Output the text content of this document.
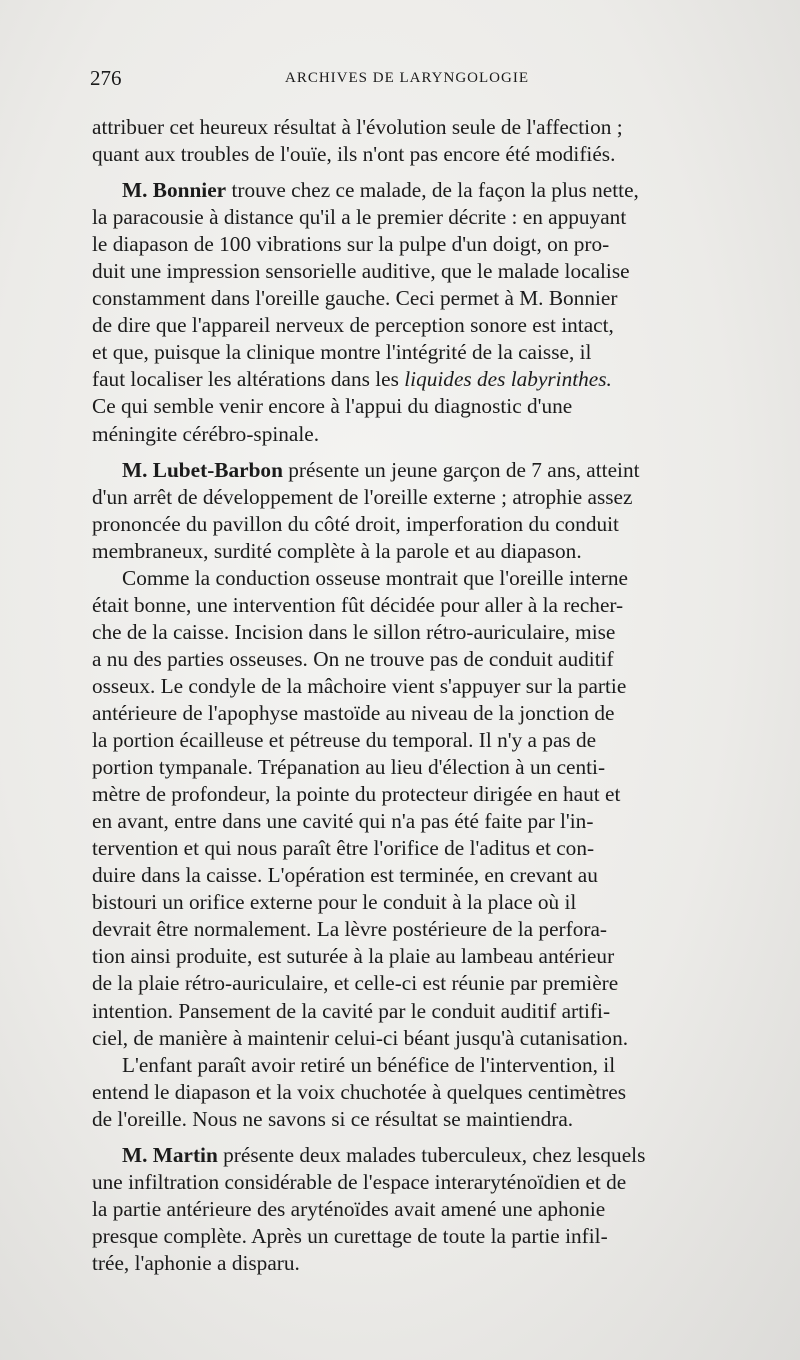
276	ARCHIVES DE LARYNGOLOGIE
attribuer cet heureux résultat à l'évolution seule de l'affection ;
quant aux troubles de l'ouïe, ils n'ont pas encore été modifiés.
M. Bonnier trouve chez ce malade, de la façon la plus nette,
la paracousie à distance qu'il a le premier décrite : en appuyant
le diapason de 100 vibrations sur la pulpe d'un doigt, on pro-
duit une impression sensorielle auditive, que le malade localise
constamment dans l'oreille gauche. Ceci permet à M. Bonnier
de dire que l'appareil nerveux de perception sonore est intact,
et que, puisque la clinique montre l'intégrité de la caisse, il
faut localiser les altérations dans les liquides des labyrinthes.
Ce qui semble venir encore à l'appui du diagnostic d'une
méningite cérébro-spinale.
M. Lubet-Barbon présente un jeune garçon de 7 ans, atteint
d'un arrêt de développement de l'oreille externe ; atrophie assez
prononcée du pavillon du côté droit, imperforation du conduit
membraneux, surdité complète à la parole et au diapason.
Comme la conduction osseuse montrait que l'oreille interne
était bonne, une intervention fût décidée pour aller à la recher-
che de la caisse. Incision dans le sillon rétro-auriculaire, mise
a nu des parties osseuses. On ne trouve pas de conduit auditif
osseux. Le condyle de la mâchoire vient s'appuyer sur la partie
antérieure de l'apophyse mastoïde au niveau de la jonction de
la portion écailleuse et pétreuse du temporal. Il n'y a pas de
portion tympanale. Trépanation au lieu d'élection à un centi-
mètre de profondeur, la pointe du protecteur dirigée en haut et
en avant, entre dans une cavité qui n'a pas été faite par l'in-
tervention et qui nous paraît être l'orifice de l'aditus et con-
duire dans la caisse. L'opération est terminée, en crevant au
bistouri un orifice externe pour le conduit à la place où il
devrait être normalement. La lèvre postérieure de la perfora-
tion ainsi produite, est suturée à la plaie au lambeau antérieur
de la plaie rétro-auriculaire, et celle-ci est réunie par première
intention. Pansement de la cavité par le conduit auditif artifi-
ciel, de manière à maintenir celui-ci béant jusqu'à cutanisation.
L'enfant paraît avoir retiré un bénéfice de l'intervention, il
entend le diapason et la voix chuchotée à quelques centimètres
de l'oreille. Nous ne savons si ce résultat se maintiendra.
M. Martin présente deux malades tuberculeux, chez lesquels
une infiltration considérable de l'espace interaryténoïdien et de
la partie antérieure des aryténoïdes avait amené une aphonie
presque complète. Après un curettage de toute la partie infil-
trée, l'aphonie a disparu.
